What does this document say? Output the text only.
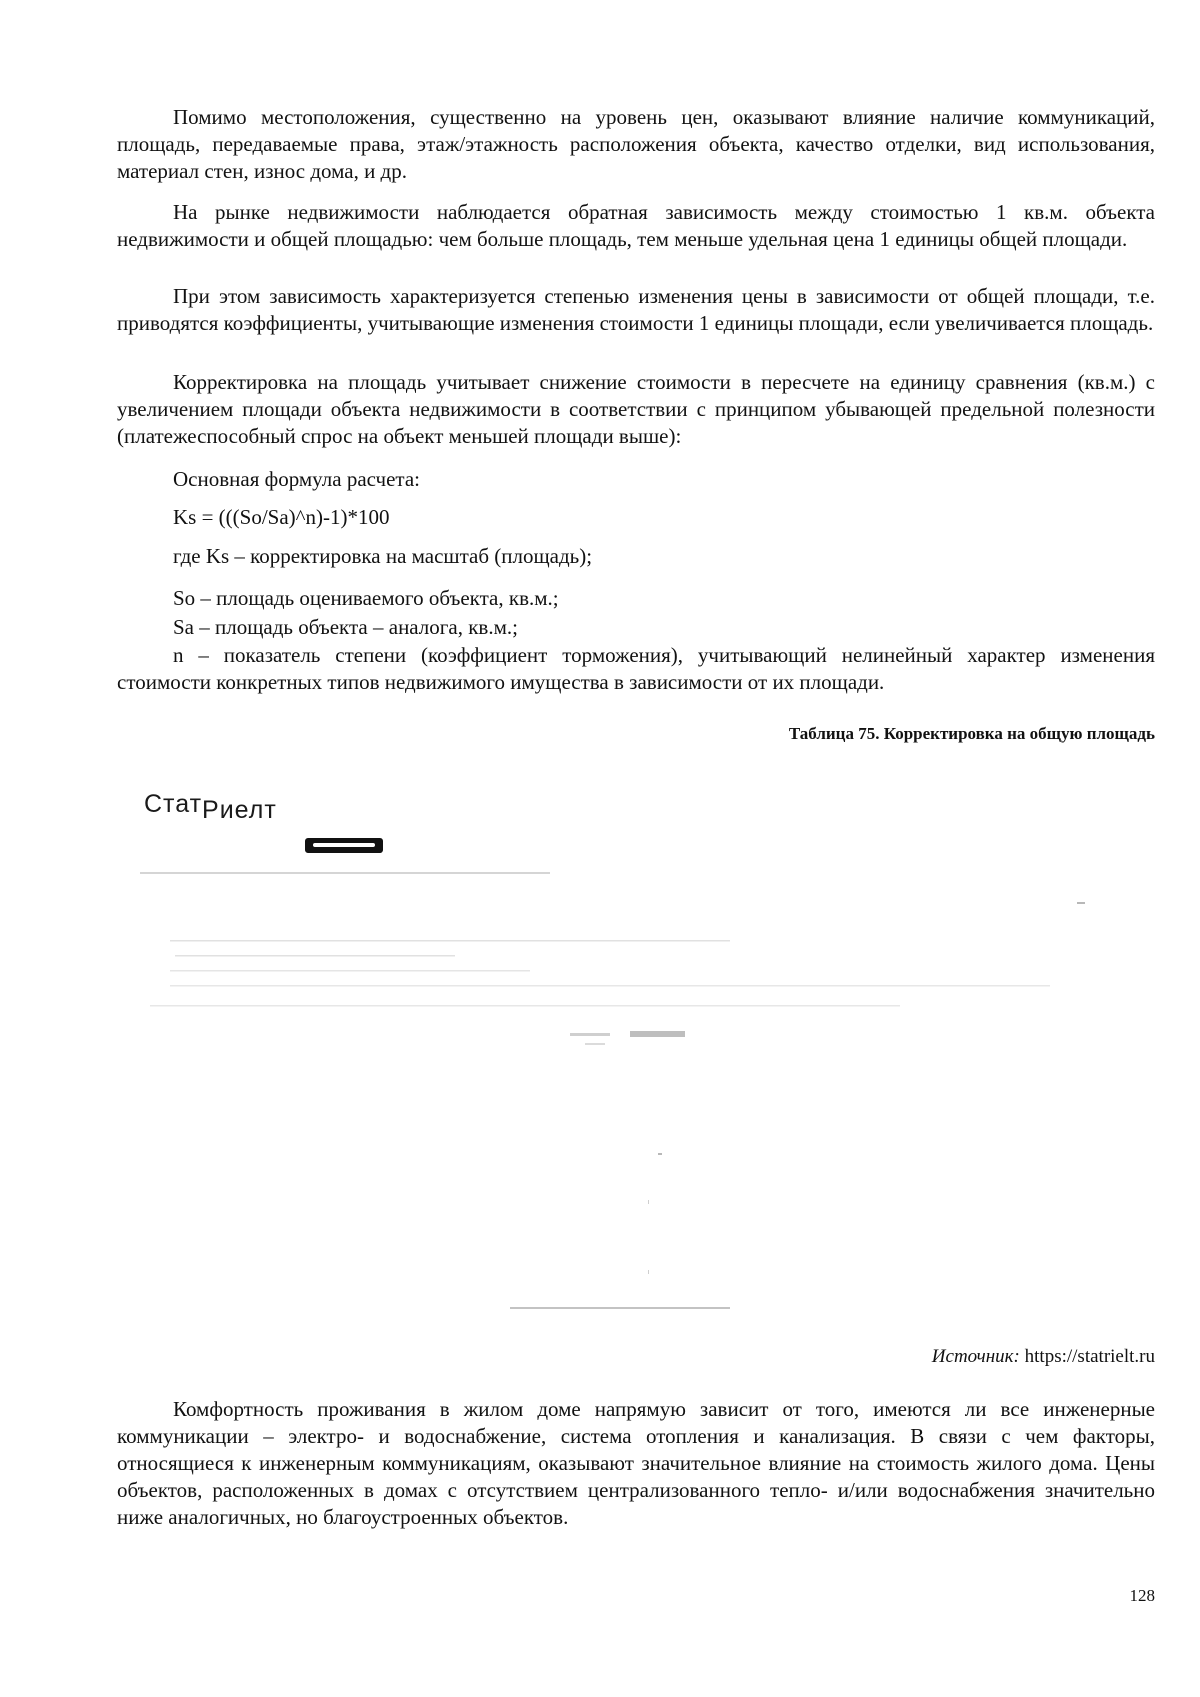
Помимо местоположения, существенно на уровень цен, оказывают влияние наличие коммуникаций, площадь, передаваемые права, этаж/этажность расположения объекта, качество отделки, вид использования, материал стен, износ дома, и др.

На рынке недвижимости наблюдается обратная зависимость между стоимостью 1 кв.м. объекта недвижимости и общей площадью: чем больше площадь, тем меньше удельная цена 1 единицы общей площади.

При этом зависимость характеризуется степенью изменения цены в зависимости от общей площади, т.е. приводятся коэффициенты, учитывающие изменения стоимости 1 единицы площади, если увеличивается площадь.

Корректировка на площадь учитывает снижение стоимости в пересчете на единицу сравнения (кв.м.) с увеличением площади объекта недвижимости в соответствии с принципом убывающей предельной полезности (платежеспособный спрос на объект меньшей площади выше):

Основная формула расчета:

Ks = (((So/Sa)^n)-1)*100

где Ks – корректировка на масштаб (площадь);

So – площадь оцениваемого объекта, кв.м.;

Sa – площадь объекта – аналога, кв.м.;

n – показатель степени (коэффициент торможения), учитывающий нелинейный характер изменения стоимости конкретных типов недвижимого имущества в зависимости от их площади.

Таблица 75. Корректировка на общую площадь
СтатРиелт
Источник: https://statrielt.ru

Комфортность проживания в жилом доме напрямую зависит от того, имеются ли все инженерные коммуникации – электро- и водоснабжение, система отопления и канализация. В связи с чем факторы, относящиеся к инженерным коммуникациям, оказывают значительное влияние на стоимость жилого дома. Цены объектов, расположенных в домах с отсутствием централизованного тепло- и/или водоснабжения значительно ниже аналогичных, но благоустроенных объектов.

128
